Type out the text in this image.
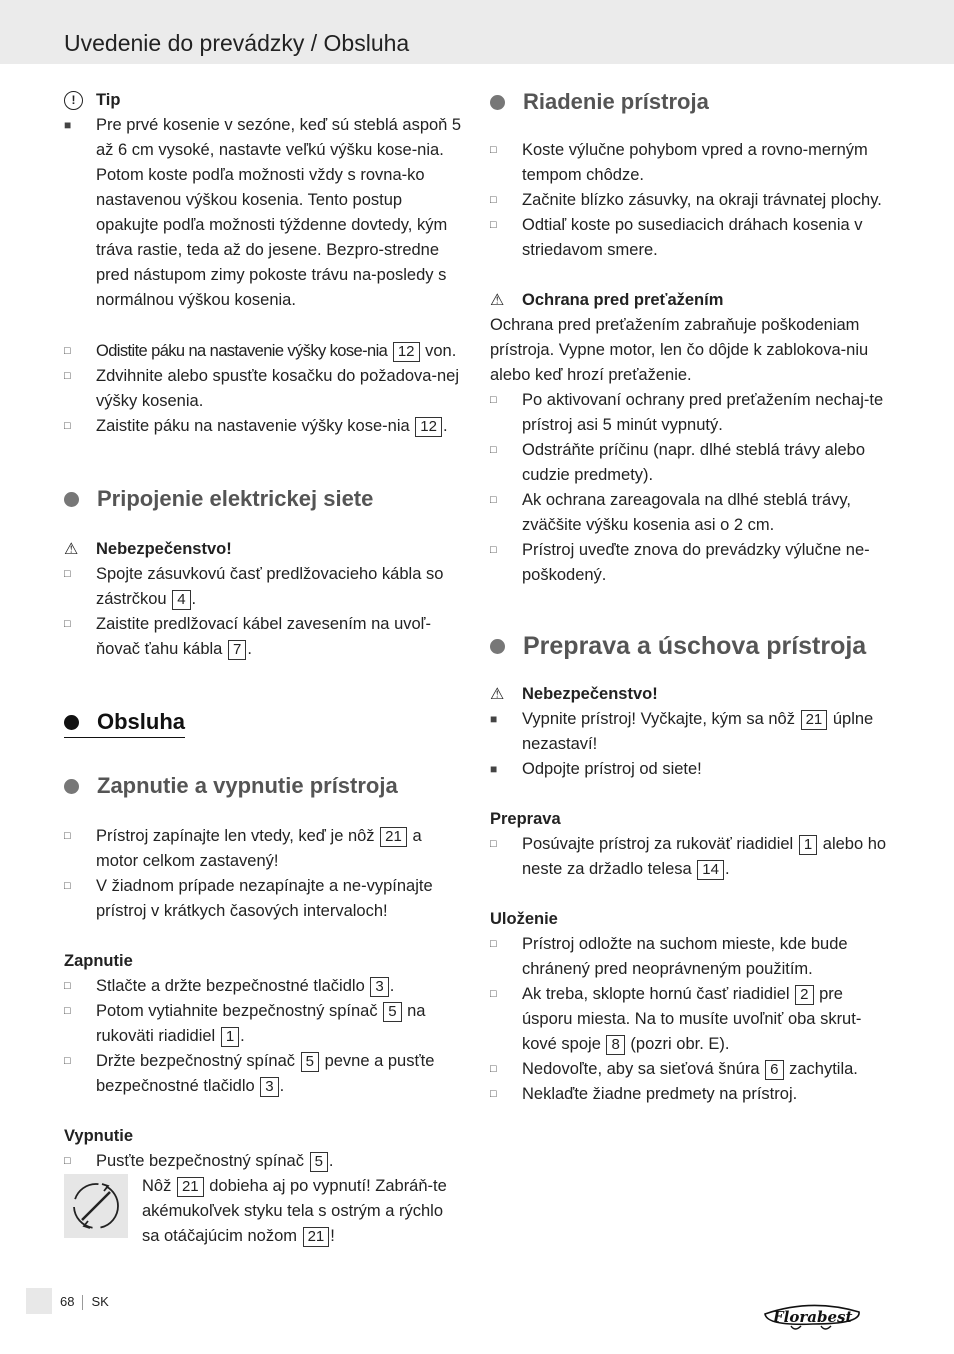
Uvedenie do prevádzky / Obsluha
!	Tip
■	Pre prvé kosenie v sezóne, keď sú steblá aspoň 5 až 6 cm vysoké, nastavte veľkú výšku kose-nia. Potom koste podľa možnosti vždy s rovna-ko nastavenou výškou kosenia. Tento postup opakujte podľa možnosti týždenne dovtedy, kým tráva rastie, teda až do jesene. Bezpro-stredne pred nástupom zimy pokoste trávu na-posledy s normálnou výškou kosenia.
□	Odistite páku na nastavenie výšky kose-nia 12 von.
□	Zdvihnite alebo spusťte kosačku do požadova-nej výšky kosenia.
□	Zaistite páku na nastavenie výšky kose-nia 12 .
Pripojenie elektrickej siete
⚠ Nebezpečenstvo!
□	Spojte zásuvkovú časť predlžovacieho kábla so zástrčkou 4 .
□	Zaistite predlžovací kábel zavesením na uvoľ-ňovač ťahu kábla 7 .
Obsluha
Zapnutie a vypnutie prístroja
□	Prístroj zapínajte len vtedy, keď je nôž 21 a motor celkom zastavený!
□	V žiadnom prípade nezapínajte a ne-vypínajte prístroj v krátkych časových intervaloch!
Zapnutie
□	Stlačte a držte bezpečnostné tlačidlo 3 .
□	Potom vytiahnite bezpečnostný spínač 5 na rukoväti riadidiel 1 .
□	Držte bezpečnostný spínač 5 pevne a pusťte bezpečnostné tlačidlo 3 .
Vypnutie
□	Pusťte bezpečnostný spínač 5 .

Nôž 21 dobieha aj po vypnutí! Zabráň-te akémukoľvek styku tela s ostrým a rýchlo sa otáčajúcim nožom 21 !

Riadenie prístroja
□	Koste výlučne pohybom vpred a rovno-merným tempom chôdze.
□	Začnite blízko zásuvky, na okraji trávnatej plochy.
□	Odtiaľ koste po susediacich dráhach kosenia v striedavom smere.
⚠ Ochrana pred preťažením

Ochrana pred preťažením zabraňuje poškodeniam prístroja. Vypne motor, len čo dôjde k zablokova-niu alebo keď hrozí preťaženie.

□	Po aktivovaní ochrany pred preťažením nechaj-te prístroj asi 5 minút vypnutý.
□	Odstráňte príčinu (napr. dlhé steblá trávy alebo cudzie predmety).
□	Ak ochrana zareagovala na dlhé steblá trávy, zväčšite výšku kosenia asi o 2 cm.
□	Prístroj uveďte znova do prevádzky výlučne ne-poškodený.
Preprava a úschova prístroja
⚠ Nebezpečenstvo!
■	Vypnite prístroj! Vyčkajte, kým sa nôž 21 úplne nezastaví!
■	Odpojte prístroj od siete!
Preprava
□	Posúvajte prístroj za rukoväť riadidiel 1 alebo ho neste za držadlo telesa 14 .
Uloženie
□	Prístroj odložte na suchom mieste, kde bude chránený pred neoprávneným použitím.
□	Ak treba, sklopte hornú časť riadidiel 2 pre úsporu miesta. Na to musíte uvoľniť oba skrut-kové spoje 8 (pozri obr. E).
□	Nedovoľte, aby sa sieťová šnúra 6 zachytila.
□	Neklaďte žiadne predmety na prístroj.
68 SK
Florabest
